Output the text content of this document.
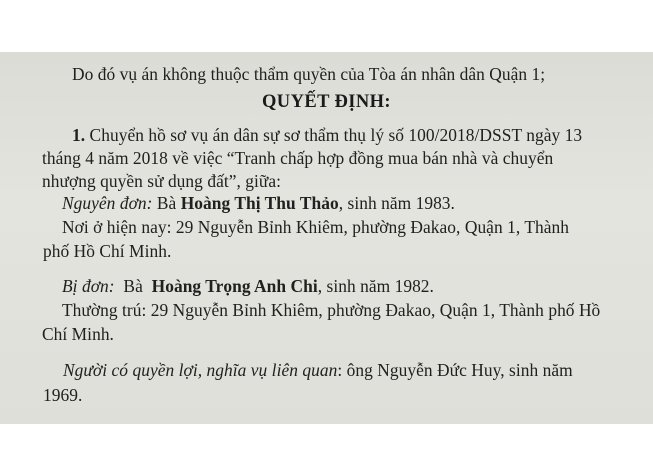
Do đó vụ án không thuộc thẩm quyền của Tòa án nhân dân Quận 1;
QUYẾT ĐỊNH:
1. Chuyển hồ sơ vụ án dân sự sơ thẩm thụ lý số 100/2018/DSST ngày 13
tháng 4 năm 2018 về việc “Tranh chấp hợp đồng mua bán nhà và chuyển
nhượng quyền sử dụng đất”, giữa:
Nguyên đơn: Bà Hoàng Thị Thu Thảo, sinh năm 1983.
Nơi ở hiện nay: 29 Nguyễn Bỉnh Khiêm, phường Đakao, Quận 1, Thành
phố Hồ Chí Minh.
Bị đơn:  Bà  Hoàng Trọng Anh Chi, sinh năm 1982.
Thường trú: 29 Nguyễn Bỉnh Khiêm, phường Đakao, Quận 1, Thành phố Hồ
Chí Minh.
Người có quyền lợi, nghĩa vụ liên quan: ông Nguyễn Đức Huy, sinh năm
1969.
